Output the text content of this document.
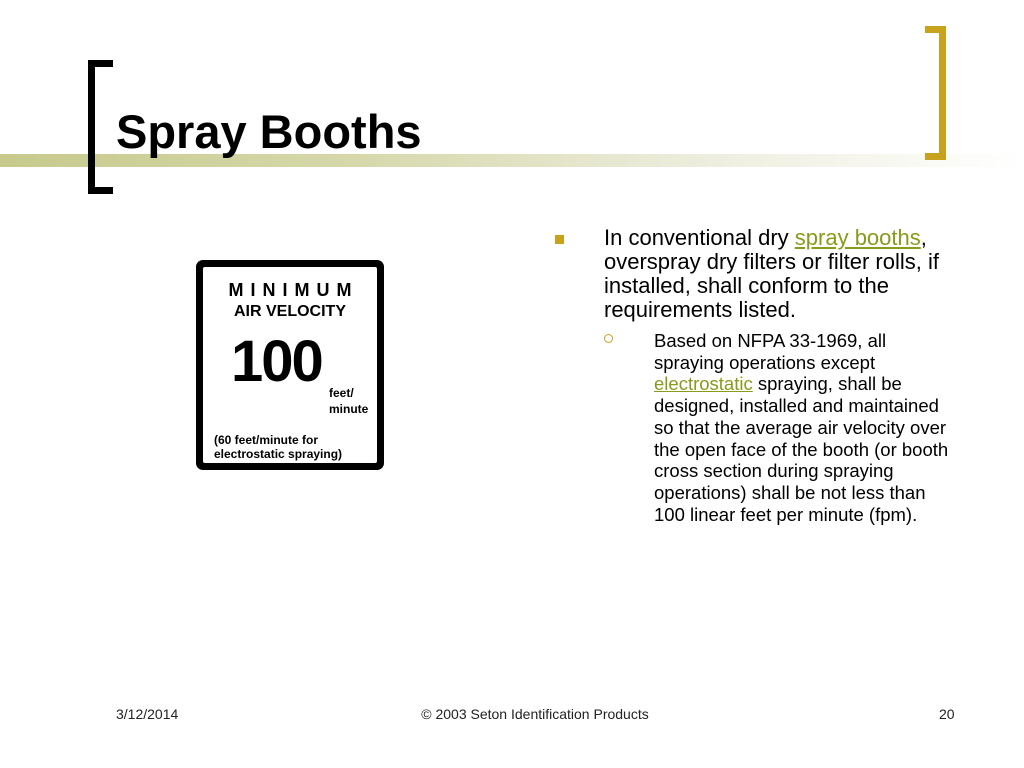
Spray Booths
MINIMUM
AIR VELOCITY
100 feet/
minute
(60 feet/minute for
electrostatic spraying)
In conventional dry spray booths, overspray dry filters or filter rolls, if installed, shall conform to the requirements listed.
Based on NFPA 33-1969, all spraying operations except electrostatic spraying, shall be designed, installed and maintained so that the average air velocity over the open face of the booth (or booth cross section during spraying operations) shall be not less than 100 linear feet per minute (fpm).
3/12/2014	© 2003 Seton Identification Products	20
